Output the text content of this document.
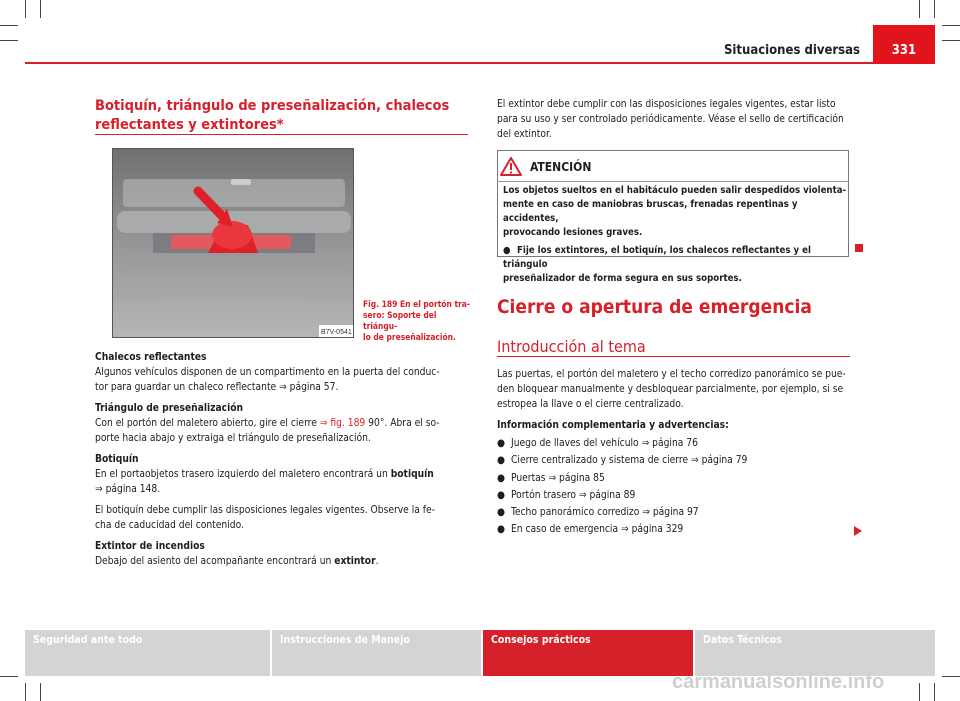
Situaciones diversas	331
Botiquín, triángulo de preseñalización, chalecos
reflectantes y extintores*
B7V-0541
Fig. 189 En el portón tra-
sero: Soporte del triángu-
lo de preseñalización.

Chalecos reflectantes

Algunos vehículos disponen de un compartimento en la puerta del conduc-

tor para guardar un chaleco reflectante ⇒ página 57.

Triángulo de preseñalización

Con el portón del maletero abierto, gire el cierre ⇒ fig. 189 90°. Abra el so-

porte hacia abajo y extraiga el triángulo de preseñalización.

Botiquín

En el portaobjetos trasero izquierdo del maletero encontrará un botiquín

⇒ página 148.

El botiquín debe cumplir las disposiciones legales vigentes. Observe la fe-

cha de caducidad del contenido.

Extintor de incendios

Debajo del asiento del acompañante encontrará un extintor.

El extintor debe cumplir con las disposiciones legales vigentes, estar listo

para su uso y ser controlado periódicamente. Véase el sello de certificación

del extintor.

ATENCIÓN
Los objetos sueltos en el habitáculo pueden salir despedidos violenta-
mente en caso de maniobras bruscas, frenadas repentinas y accidentes,
provocando lesiones graves.
● Fije los extintores, el botiquín, los chalecos reflectantes y el triángulo
preseñalizador de forma segura en sus soportes.
Cierre o apertura de emergencia
Introducción al tema

Las puertas, el portón del maletero y el techo corredizo panorámico se pue-

den bloquear manualmente y desbloquear parcialmente, por ejemplo, si se

estropea la llave o el cierre centralizado.

Información complementaria y advertencias:

● Juego de llaves del vehículo ⇒ página 76

● Cierre centralizado y sistema de cierre ⇒ página 79

● Puertas ⇒ página 85

● Portón trasero ⇒ página 89

● Techo panorámico corredizo ⇒ página 97

● En caso de emergencia ⇒ página 329

Seguridad ante todo	Instrucciones de Manejo	Consejos prácticos	Datos Técnicos
carmanualsonline.info
